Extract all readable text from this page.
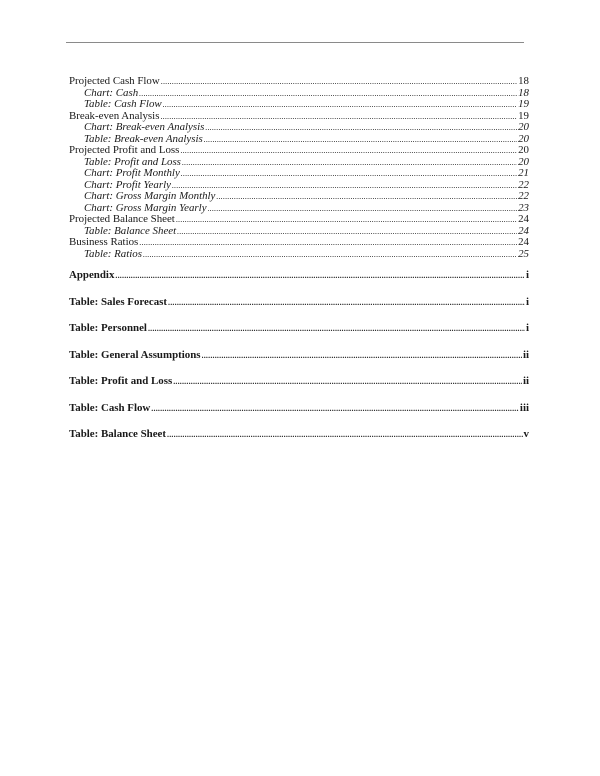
Projected Cash Flow .....	18
Chart: Cash .....	18
Table: Cash Flow .....	19
Break-even Analysis .....	19
Chart: Break-even Analysis .....	20
Table: Break-even Analysis .....	20
Projected Profit and Loss .....	20
Table: Profit and Loss .....	20
Chart: Profit Monthly .....	21
Chart: Profit Yearly .....	22
Chart: Gross Margin Monthly .....	22
Chart: Gross Margin Yearly .....	23
Projected Balance Sheet .....	24
Table: Balance Sheet .....	24
Business Ratios .....	24
Table: Ratios .....	25
Appendix .....	i
Table: Sales Forecast .....	i
Table: Personnel .....	i
Table: General Assumptions .....	ii
Table: Profit and Loss .....	ii
Table: Cash Flow .....	iii
Table: Balance Sheet .....	v
